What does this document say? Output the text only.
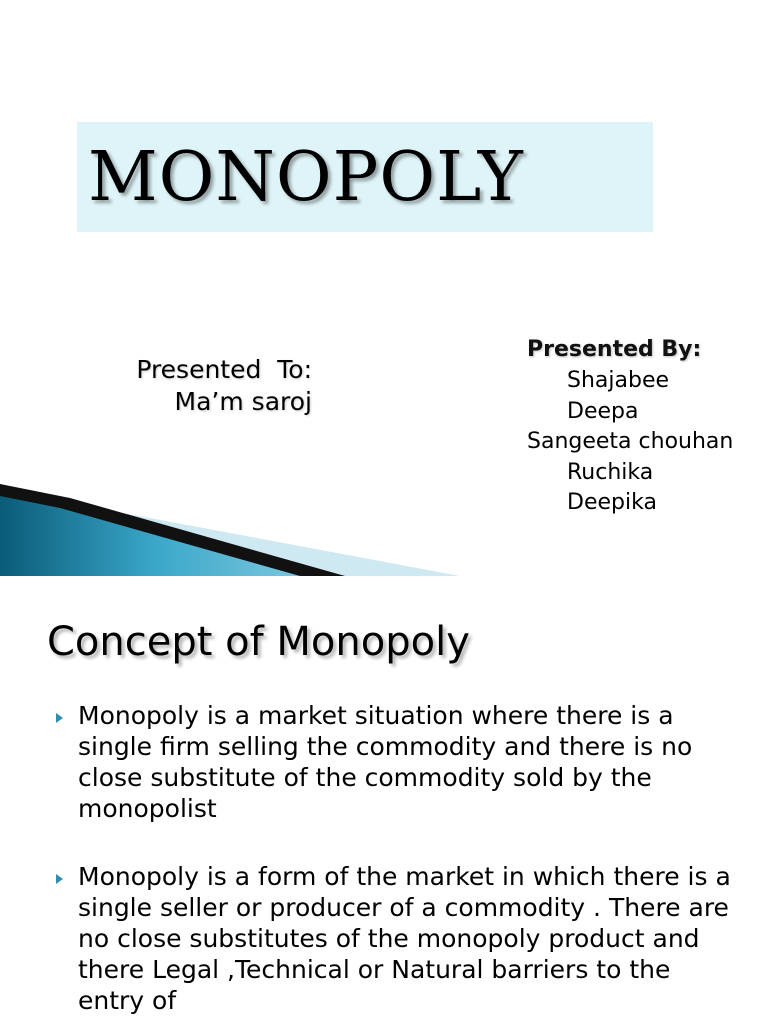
MONOPOLY
Presented  To:
Ma’m saroj
Presented By:
Shajabee
Deepa
Sangeeta chouhan
Ruchika
Deepika
Concept of Monopoly
Monopoly is a market situation where there is a single firm selling the commodity and there is no close substitute of the commodity sold by the monopolist
Monopoly is a form of the market in which there is a single seller or producer of a commodity . There are no close substitutes of the monopoly product and there Legal ,Technical or Natural barriers to the entry of
